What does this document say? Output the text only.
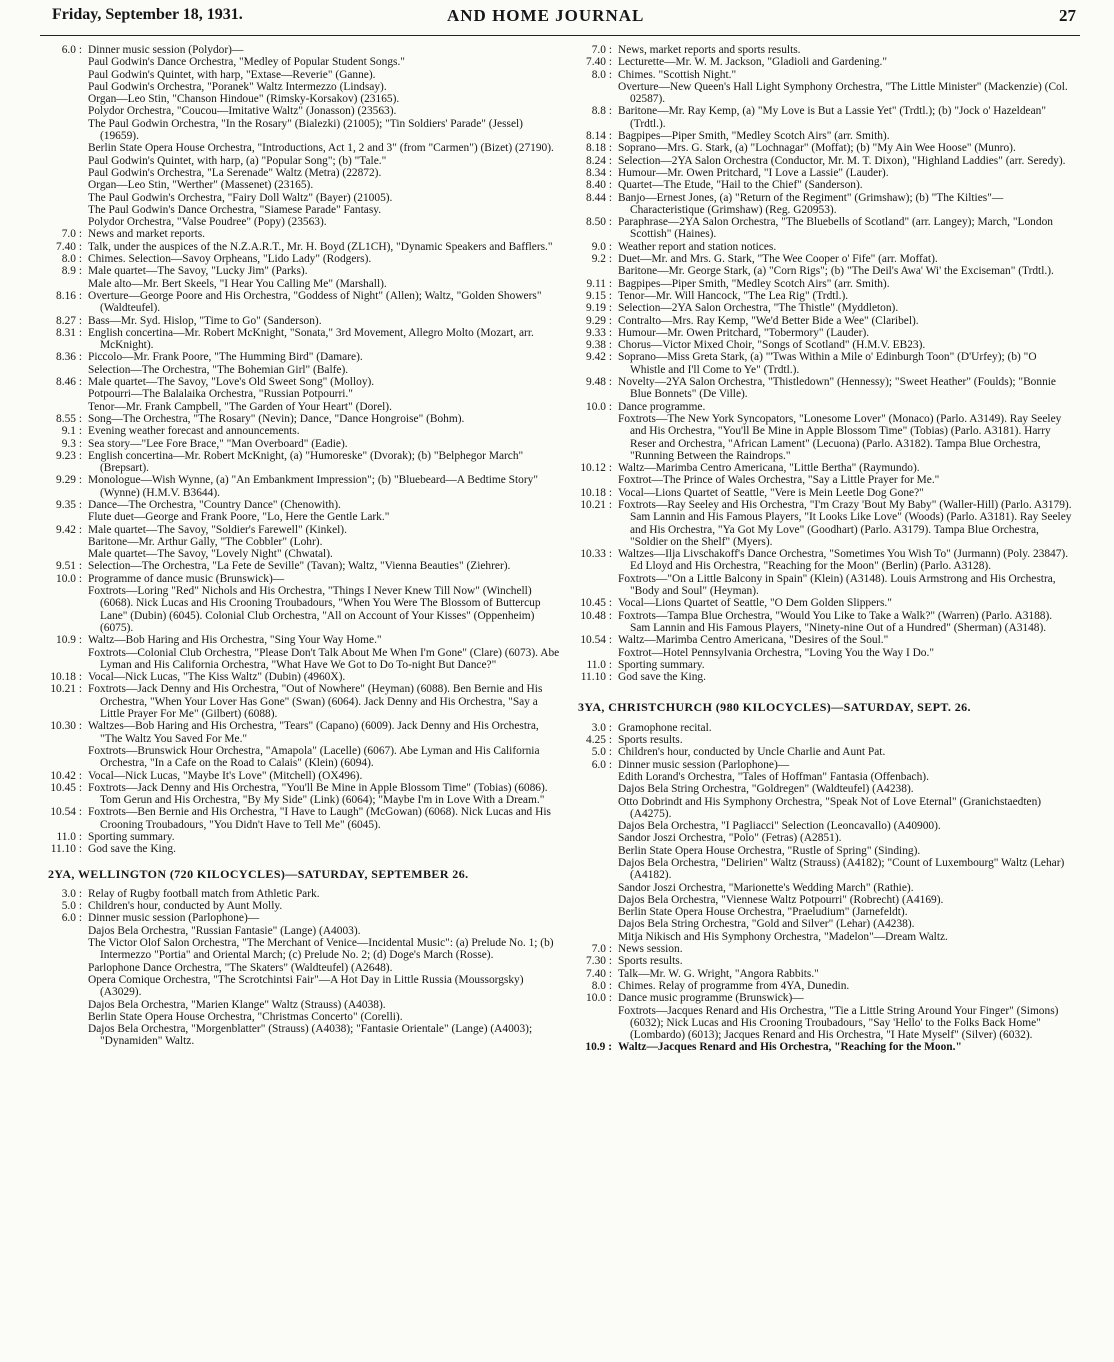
Friday, September 18, 1931.	AND HOME JOURNAL	27
6.0 : Dinner music session (Polydor)—
Paul Godwin's Dance Orchestra, "Medley of Popular Student Songs."
Paul Godwin's Quintet, with harp, "Extase—Reverie" (Ganne).
Paul Godwin's Orchestra, "Poranek" Waltz Intermezzo (Lindsay).
Organ—Leo Stin, "Chanson Hindoue" (Rimsky-Korsakov) (23165).
Polydor Orchestra, "Coucou—Imitative Waltz" (Jonasson) (23563).
The Paul Godwin Orchestra, "In the Rosary" (Bialezki) (21005); "Tin Soldiers' Parade" (Jessel) (19659).
Berlin State Opera House Orchestra, "Introductions, Act 1, 2 and 3" (from "Carmen") (Bizet) (27190).
Paul Godwin's Quintet, with harp, (a) "Popular Song"; (b) "Tale."
Paul Godwin's Orchestra, "La Serenade" Waltz (Metra) (22872).
Organ—Leo Stin, "Werther" (Massenet) (23165).
The Paul Godwin's Orchestra, "Fairy Doll Waltz" (Bayer) (21005).
The Paul Godwin's Dance Orchestra, "Siamese Parade" Fantasy.
Polydor Orchestra, "Valse Poudree" (Popy) (23563).
7.0 : News and market reports.
7.40 : Talk, under the auspices of the N.Z.A.R.T., Mr. H. Boyd (ZL1CH), "Dynamic Speakers and Bafflers."
8.0 : Chimes. Selection—Savoy Orpheans, "Lido Lady" (Rodgers).
8.9 : Male quartet—The Savoy, "Lucky Jim" (Parks).
Male alto—Mr. Bert Skeels, "I Hear You Calling Me" (Marshall).
8.16 : Overture—George Poore and His Orchestra, "Goddess of Night" (Allen); Waltz, "Golden Showers" (Waldteufel).
8.27 : Bass—Mr. Syd. Hislop, "Time to Go" (Sanderson).
8.31 : English concertina—Mr. Robert McKnight, "Sonata," 3rd Movement, Allegro Molto (Mozart, arr. McKnight).
8.36 : Piccolo—Mr. Frank Poore, "The Humming Bird" (Damare).
Selection—The Orchestra, "The Bohemian Girl" (Balfe).
8.46 : Male quartet—The Savoy, "Love's Old Sweet Song" (Molloy).
Potpourri—The Balalaika Orchestra, "Russian Potpourri."
Tenor—Mr. Frank Campbell, "The Garden of Your Heart" (Dorel).
8.55 : Song—The Orchestra, "The Rosary" (Nevin); Dance, "Dance Hongroise" (Bohm).
9.1 : Evening weather forecast and announcements.
9.3 : Sea story—"Lee Fore Brace," "Man Overboard" (Eadie).
9.23 : English concertina—Mr. Robert McKnight, (a) "Humoreske" (Dvorak); (b) "Belphegor March" (Brepsart).
9.29 : Monologue—Wish Wynne, (a) "An Embankment Impression"; (b) "Bluebeard—A Bedtime Story" (Wynne) (H.M.V. B3644).
9.35 : Dance—The Orchestra, "Country Dance" (Chenowith).
Flute duet—George and Frank Poore, "Lo, Here the Gentle Lark."
9.42 : Male quartet—The Savoy, "Soldier's Farewell" (Kinkel).
Baritone—Mr. Arthur Gally, "The Cobbler" (Lohr).
Male quartet—The Savoy, "Lovely Night" (Chwatal).
9.51 : Selection—The Orchestra, "La Fete de Seville" (Tavan); Waltz, "Vienna Beauties" (Ziehrer).
10.0 : Programme of dance music (Brunswick)—
Foxtrots—Loring "Red" Nichols and His Orchestra, "Things I Never Knew Till Now" (Winchell) (6068). Nick Lucas and His Crooning Troubadours, "When You Were The Blossom of Buttercup Lane" (Dubin) (6045). Colonial Club Orchestra, "All on Account of Your Kisses" (Oppenheim) (6075).
10.9 : Waltz—Bob Haring and His Orchestra, "Sing Your Way Home."
Foxtrots—Colonial Club Orchestra, "Please Don't Talk About Me When I'm Gone" (Clare) (6073). Abe Lyman and His California Orchestra, "What Have We Got to Do To-night But Dance?"
10.18 : Vocal—Nick Lucas, "The Kiss Waltz" (Dubin) (4960X).
10.21 : Foxtrots—Jack Denny and His Orchestra, "Out of Nowhere" (Heyman) (6088). Ben Bernie and His Orchestra, "When Your Lover Has Gone" (Swan) (6064). Jack Denny and His Orchestra, "Say a Little Prayer For Me" (Gilbert) (6088).
10.30 : Waltzes—Bob Haring and His Orchestra, "Tears" (Capano) (6009). Jack Denny and His Orchestra, "The Waltz You Saved For Me."
Foxtrots—Brunswick Hour Orchestra, "Amapola" (Lacelle) (6067). Abe Lyman and His California Orchestra, "In a Cafe on the Road to Calais" (Klein) (6094).
10.42 : Vocal—Nick Lucas, "Maybe It's Love" (Mitchell) (OX496).
10.45 : Foxtrots—Jack Denny and His Orchestra, "You'll Be Mine in Apple Blossom Time" (Tobias) (6086). Tom Gerun and His Orchestra, "By My Side" (Link) (6064); "Maybe I'm in Love With a Dream."
10.54 : Foxtrots—Ben Bernie and His Orchestra, "I Have to Laugh" (McGowan) (6068). Nick Lucas and His Crooning Troubadours, "You Didn't Have to Tell Me" (6045).
11.0 : Sporting summary.
11.10 : God save the King.
2YA, WELLINGTON (720 KILOCYCLES)—SATURDAY, SEPTEMBER 26.
3.0 : Relay of Rugby football match from Athletic Park.
5.0 : Children's hour, conducted by Aunt Molly.
6.0 : Dinner music session (Parlophone)—
Dajos Bela Orchestra, "Russian Fantasie" (Lange) (A4003).
The Victor Olof Salon Orchestra, "The Merchant of Venice—Incidental Music": (a) Prelude No. 1; (b) Intermezzo "Portia" and Oriental March; (c) Prelude No. 2; (d) Doge's March (Rosse).
Parlophone Dance Orchestra, "The Skaters" (Waldteufel) (A2648).
Opera Comique Orchestra, "The Scrotchintsi Fair"—A Hot Day in Little Russia (Moussorgsky) (A3029).
Dajos Bela Orchestra, "Marien Klange" Waltz (Strauss) (A4038).
Berlin State Opera House Orchestra, "Christmas Concerto" (Corelli).
Dajos Bela Orchestra, "Morgenblatter" (Strauss) (A4038); "Fantasie Orientale" (Lange) (A4003); "Dynamiden" Waltz.
7.0 : News, market reports and sports results.
7.40 : Lecturette—Mr. W. M. Jackson, "Gladioli and Gardening."
8.0 : Chimes. "Scottish Night."
Overture—New Queen's Hall Light Symphony Orchestra, "The Little Minister" (Mackenzie) (Col. 02587).
8.8 : Baritone—Mr. Ray Kemp, (a) "My Love is But a Lassie Yet" (Trdtl.); (b) "Jock o' Hazeldean" (Trdtl.).
8.14 : Bagpipes—Piper Smith, "Medley Scotch Airs" (arr. Smith).
8.18 : Soprano—Mrs. G. Stark, (a) "Lochnagar" (Moffat); (b) "My Ain Wee Hoose" (Munro).
8.24 : Selection—2YA Salon Orchestra (Conductor, Mr. M. T. Dixon), "Highland Laddies" (arr. Seredy).
8.34 : Humour—Mr. Owen Pritchard, "I Love a Lassie" (Lauder).
8.40 : Quartet—The Etude, "Hail to the Chief" (Sanderson).
8.44 : Banjo—Ernest Jones, (a) "Return of the Regiment" (Grimshaw); (b) "The Kilties"—Characteristique (Grimshaw) (Reg. G20953).
8.50 : Paraphrase—2YA Salon Orchestra, "The Bluebells of Scotland" (arr. Langey); March, "London Scottish" (Haines).
9.0 : Weather report and station notices.
9.2 : Duet—Mr. and Mrs. G. Stark, "The Wee Cooper o' Fife" (arr. Moffat).
Baritone—Mr. George Stark, (a) "Corn Rigs"; (b) "The Deil's Awa' Wi' the Exciseman" (Trdtl.).
9.11 : Bagpipes—Piper Smith, "Medley Scotch Airs" (arr. Smith).
9.15 : Tenor—Mr. Will Hancock, "The Lea Rig" (Trdtl.).
9.19 : Selection—2YA Salon Orchestra, "The Thistle" (Myddleton).
9.29 : Contralto—Mrs. Ray Kemp, "We'd Better Bide a Wee" (Claribel).
9.33 : Humour—Mr. Owen Pritchard, "Tobermory" (Lauder).
9.38 : Chorus—Victor Mixed Choir, "Songs of Scotland" (H.M.V. EB23).
9.42 : Soprano—Miss Greta Stark, (a) "'Twas Within a Mile o' Edinburgh Toon" (D'Urfey); (b) "O Whistle and I'll Come to Ye" (Trdtl.).
9.48 : Novelty—2YA Salon Orchestra, "Thistledown" (Hennessy); "Sweet Heather" (Foulds); "Bonnie Blue Bonnets" (De Ville).
10.0 : Dance programme.
Foxtrots—The New York Syncopators, "Lonesome Lover" (Monaco) (Parlo. A3149). Ray Seeley and His Orchestra, "You'll Be Mine in Apple Blossom Time" (Tobias) (Parlo. A3181). Harry Reser and Orchestra, "African Lament" (Lecuona) (Parlo. A3182). Tampa Blue Orchestra, "Running Between the Raindrops."
10.12 : Waltz—Marimba Centro Americana, "Little Bertha" (Raymundo).
Foxtrot—The Prince of Wales Orchestra, "Say a Little Prayer for Me."
10.18 : Vocal—Lions Quartet of Seattle, "Vere is Mein Leetle Dog Gone?"
10.21 : Foxtrots—Ray Seeley and His Orchestra, "I'm Crazy 'Bout My Baby" (Waller-Hill) (Parlo. A3179). Sam Lannin and His Famous Players, "It Looks Like Love" (Woods) (Parlo. A3181). Ray Seeley and His Orchestra, "Ya Got My Love" (Goodhart) (Parlo. A3179). Tampa Blue Orchestra, "Soldier on the Shelf" (Myers).
10.33 : Waltzes—Ilja Livschakoff's Dance Orchestra, "Sometimes You Wish To" (Jurmann) (Poly. 23847). Ed Lloyd and His Orchestra, "Reaching for the Moon" (Berlin) (Parlo. A3128).
Foxtrots—"On a Little Balcony in Spain" (Klein) (A3148). Louis Armstrong and His Orchestra, "Body and Soul" (Heyman).
10.45 : Vocal—Lions Quartet of Seattle, "O Dem Golden Slippers."
10.48 : Foxtrots—Tampa Blue Orchestra, "Would You Like to Take a Walk?" (Warren) (Parlo. A3188). Sam Lannin and His Famous Players, "Ninety-nine Out of a Hundred" (Sherman) (A3148).
10.54 : Waltz—Marimba Centro Americana, "Desires of the Soul."
Foxtrot—Hotel Pennsylvania Orchestra, "Loving You the Way I Do."
11.0 : Sporting summary.
11.10 : God save the King.
3YA, CHRISTCHURCH (980 KILOCYCLES)—SATURDAY, SEPT. 26.
3.0 : Gramophone recital.
4.25 : Sports results.
5.0 : Children's hour, conducted by Uncle Charlie and Aunt Pat.
6.0 : Dinner music session (Parlophone)—
Edith Lorand's Orchestra, "Tales of Hoffman" Fantasia (Offenbach).
Dajos Bela String Orchestra, "Goldregen" (Waldteufel) (A4238).
Otto Dobrindt and His Symphony Orchestra, "Speak Not of Love Eternal" (Granichstaedten) (A4275).
Dajos Bela Orchestra, "I Pagliacci" Selection (Leoncavallo) (A40900).
Sandor Joszi Orchestra, "Polo" (Fetras) (A2851).
Berlin State Opera House Orchestra, "Rustle of Spring" (Sinding).
Dajos Bela Orchestra, "Delirien" Waltz (Strauss) (A4182); "Count of Luxembourg" Waltz (Lehar) (A4182).
Sandor Joszi Orchestra, "Marionette's Wedding March" (Rathie).
Dajos Bela Orchestra, "Viennese Waltz Potpourri" (Robrecht) (A4169).
Berlin State Opera House Orchestra, "Praeludium" (Jarnefeldt).
Dajos Bela String Orchestra, "Gold and Silver" (Lehar) (A4238).
Mitja Nikisch and His Symphony Orchestra, "Madelon"—Dream Waltz.
7.0 : News session.
7.30 : Sports results.
7.40 : Talk—Mr. W. G. Wright, "Angora Rabbits."
8.0 : Chimes. Relay of programme from 4YA, Dunedin.
10.0 : Dance music programme (Brunswick)—
Foxtrots—Jacques Renard and His Orchestra, "Tie a Little String Around Your Finger" (Simons) (6032); Nick Lucas and His Crooning Troubadours, "Say 'Hello' to the Folks Back Home" (Lombardo) (6013); Jacques Renard and His Orchestra, "I Hate Myself" (Silver) (6032).
10.9 : Waltz—Jacques Renard and His Orchestra, "Reaching for the Moon."
